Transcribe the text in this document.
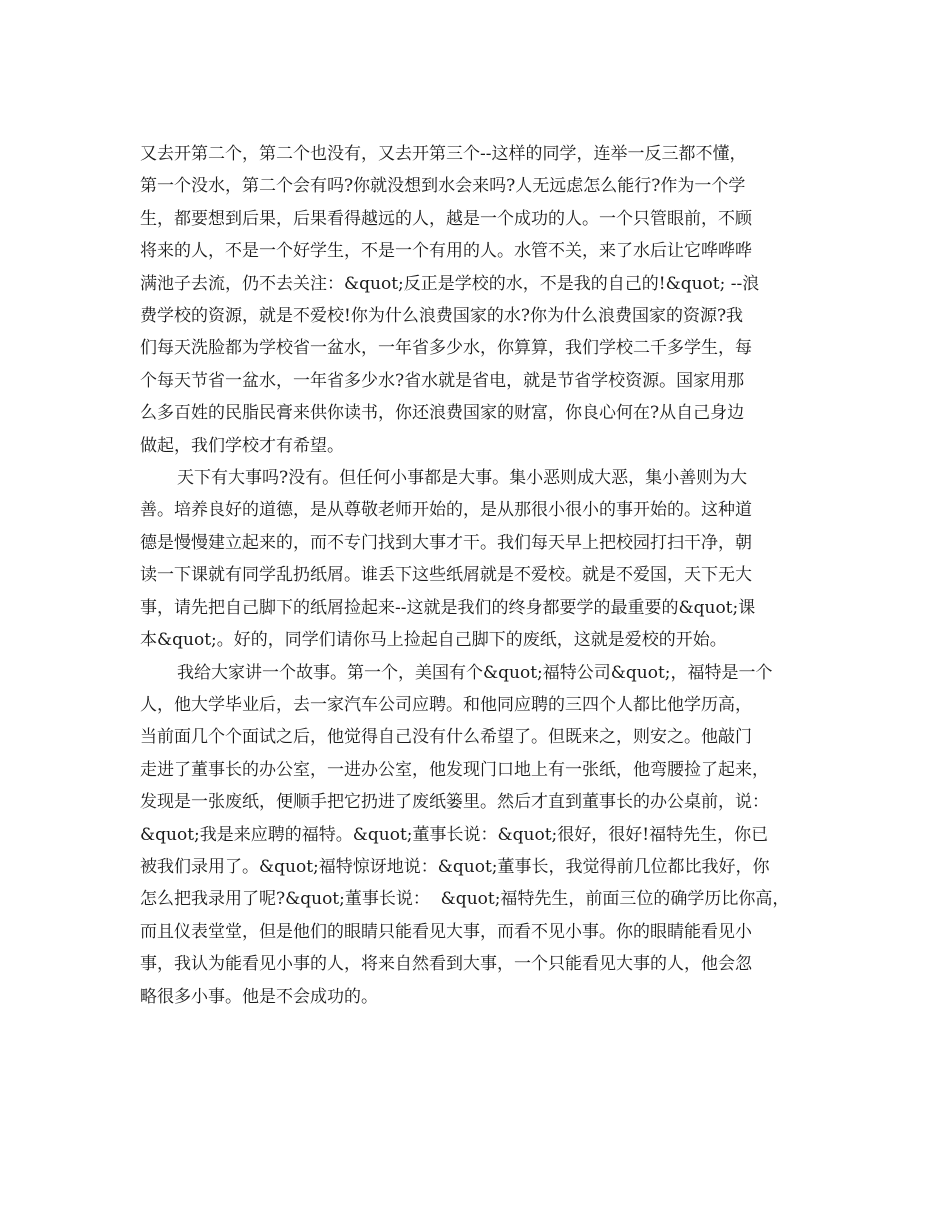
又去开第二个，第二个也没有，又去开第三个--这样的同学，连举一反三都不懂，
第一个没水，第二个会有吗?你就没想到水会来吗?人无远虑怎么能行?作为一个学
生，都要想到后果，后果看得越远的人，越是一个成功的人。一个只管眼前，不顾
将来的人，不是一个好学生，不是一个有用的人。水管不关，来了水后让它哗哗哗
满池子去流，仍不去关注：&quot;反正是学校的水，不是我的自己的!&quot; --浪
费学校的资源，就是不爱校!你为什么浪费国家的水?你为什么浪费国家的资源?我
们每天洗脸都为学校省一盆水，一年省多少水，你算算，我们学校二千多学生，每
个每天节省一盆水，一年省多少水?省水就是省电，就是节省学校资源。国家用那
么多百姓的民脂民膏来供你读书，你还浪费国家的财富，你良心何在?从自己身边
做起，我们学校才有希望。

天下有大事吗?没有。但任何小事都是大事。集小恶则成大恶，集小善则为大
善。培养良好的道德，是从尊敬老师开始的，是从那很小很小的事开始的。这种道
德是慢慢建立起来的，而不专门找到大事才干。我们每天早上把校园打扫干净，朝
读一下课就有同学乱扔纸屑。谁丢下这些纸屑就是不爱校。就是不爱国，天下无大
事，请先把自己脚下的纸屑捡起来--这就是我们的终身都要学的最重要的&quot;课
本&quot;。好的，同学们请你马上捡起自己脚下的废纸，这就是爱校的开始。

我给大家讲一个故事。第一个，美国有个&quot;福特公司&quot;，福特是一个
人，他大学毕业后，去一家汽车公司应聘。和他同应聘的三四个人都比他学历高，
当前面几个个面试之后，他觉得自己没有什么希望了。但既来之，则安之。他敲门
走进了董事长的办公室，一进办公室，他发现门口地上有一张纸，他弯腰捡了起来，
发现是一张废纸，便顺手把它扔进了废纸篓里。然后才直到董事长的办公桌前，说：
&quot;我是来应聘的福特。&quot;董事长说：&quot;很好，很好!福特先生，你已
被我们录用了。&quot;福特惊讶地说：&quot;董事长，我觉得前几位都比我好，你
怎么把我录用了呢?&quot;董事长说：  &quot;福特先生，前面三位的确学历比你高，
而且仪表堂堂，但是他们的眼睛只能看见大事，而看不见小事。你的眼睛能看见小
事，我认为能看见小事的人，将来自然看到大事，一个只能看见大事的人，他会忽
略很多小事。他是不会成功的。
